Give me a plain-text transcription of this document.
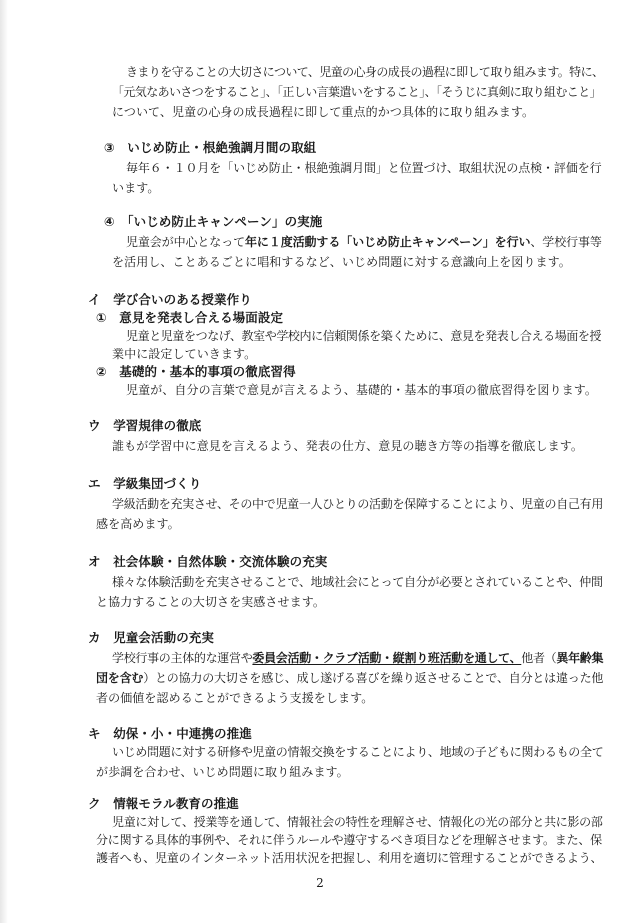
きまりを守ることの大切さについて、児童の心身の成長の過程に即して取り組みます。特に、

「元気なあいさつをすること」、「正しい言葉遣いをすること」、「そうじに真剣に取り組むこと」

について、児童の心身の成長過程に即して重点的かつ具体的に取り組みます。

③　いじめ防止・根絶強調月間の取組

毎年６・１０月を「いじめ防止・根絶強調月間」と位置づけ、取組状況の点検・評価を行

います。

④　「いじめ防止キャンペーン」の実施

児童会が中心となって年に１度活動する「いじめ防止キャンペーン」を行い、学校行事等

を活用し、ことあるごとに唱和するなど、いじめ問題に対する意識向上を図ります。

イ　学び合いのある授業作り

①　意見を発表し合える場面設定

児童と児童をつなげ、教室や学校内に信頼関係を築くために、意見を発表し合える場面を授

業中に設定していきます。

②　基礎的・基本的事項の徹底習得

児童が、自分の言葉で意見が言えるよう、基礎的・基本的事項の徹底習得を図ります。

ウ　学習規律の徹底

誰もが学習中に意見を言えるよう、発表の仕方、意見の聴き方等の指導を徹底します。

エ　学級集団づくり

学級活動を充実させ、その中で児童一人ひとりの活動を保障することにより、児童の自己有用

感を高めます。

オ　社会体験・自然体験・交流体験の充実

様々な体験活動を充実させることで、地域社会にとって自分が必要とされていることや、仲間

と協力することの大切さを実感させます。

カ　児童会活動の充実

学校行事の主体的な運営や委員会活動・クラブ活動・縦割り班活動を通して、他者（異年齢集

団を含む）との協力の大切さを感じ、成し遂げる喜びを繰り返させることで、自分とは違った他

者の価値を認めることができるよう支援をします。

キ　幼保・小・中連携の推進

いじめ問題に対する研修や児童の情報交換をすることにより、地域の子どもに関わるもの全て

が歩調を合わせ、いじめ問題に取り組みます。

ク　情報モラル教育の推進

児童に対して、授業等を通して、情報社会の特性を理解させ、情報化の光の部分と共に影の部

分に関する具体的事例や、それに伴うルールや遵守するべき項目などを理解させます。また、保

護者へも、児童のインターネット活用状況を把握し、利用を適切に管理することができるよう、

2
